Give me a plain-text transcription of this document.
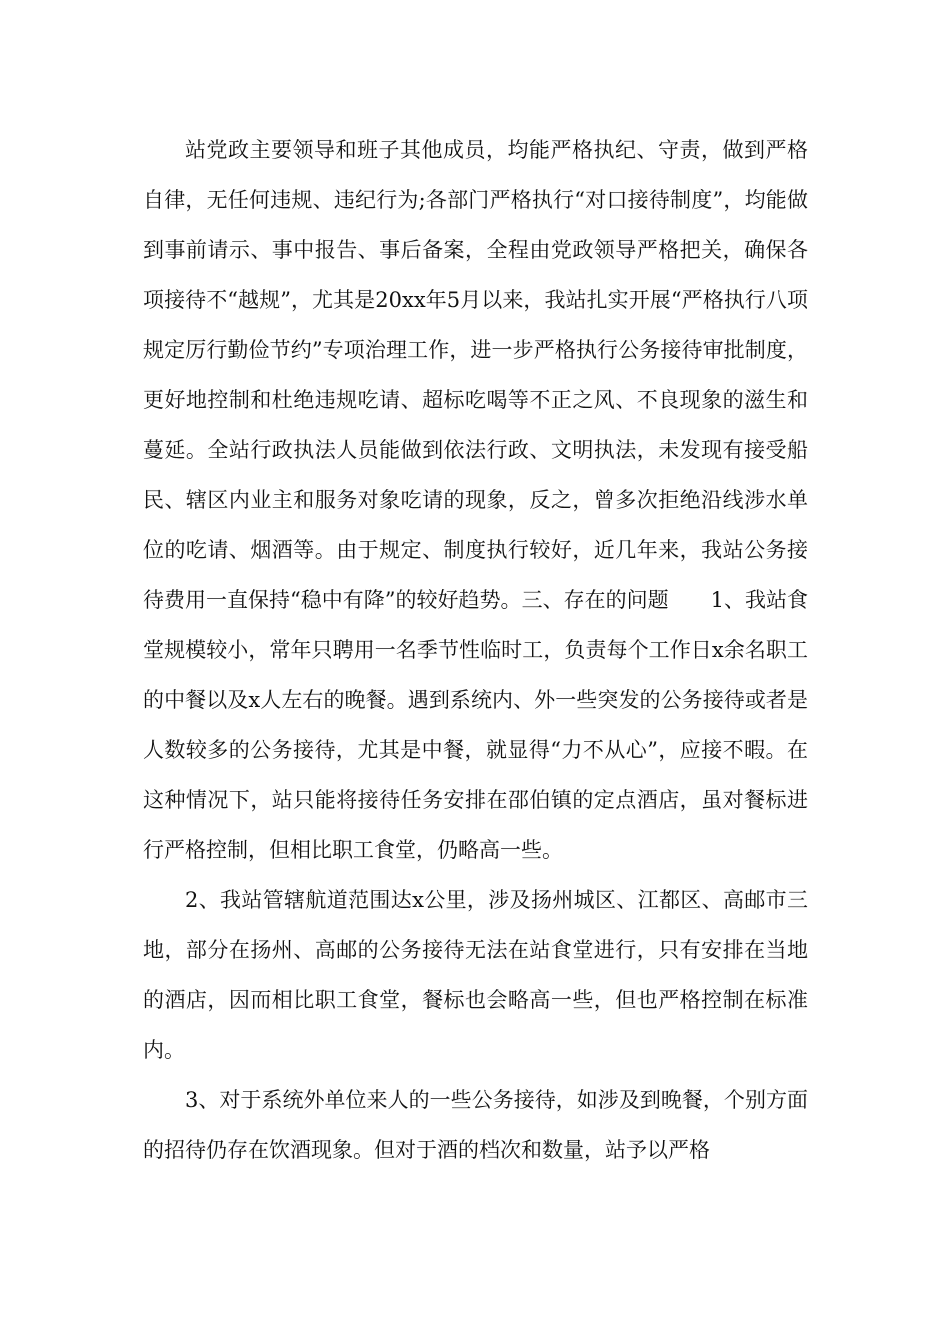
站党政主要领导和班子其他成员，均能严格执纪、守责，做到严格自律，无任何违规、违纪行为;各部门严格执行“对口接待制度”，均能做到事前请示、事中报告、事后备案，全程由党政领导严格把关，确保各项接待不“越规”，尤其是20xx年5月以来，我站扎实开展“严格执行八项规定厉行勤俭节约”专项治理工作，进一步严格执行公务接待审批制度，更好地控制和杜绝违规吃请、超标吃喝等不正之风、不良现象的滋生和蔓延。全站行政执法人员能做到依法行政、文明执法，未发现有接受船民、辖区内业主和服务对象吃请的现象，反之，曾多次拒绝沿线涉水单位的吃请、烟酒等。由于规定、制度执行较好，近几年来，我站公务接待费用一直保持“稳中有降”的较好趋势。三、存在的问题　　1、我站食堂规模较小，常年只聘用一名季节性临时工，负责每个工作日x余名职工的中餐以及x人左右的晚餐。遇到系统内、外一些突发的公务接待或者是人数较多的公务接待，尤其是中餐，就显得“力不从心”，应接不暇。在这种情况下，站只能将接待任务安排在邵伯镇的定点酒店，虽对餐标进行严格控制，但相比职工食堂，仍略高一些。

2、我站管辖航道范围达x公里，涉及扬州城区、江都区、高邮市三地，部分在扬州、高邮的公务接待无法在站食堂进行，只有安排在当地的酒店，因而相比职工食堂，餐标也会略高一些，但也严格控制在标准内。

3、对于系统外单位来人的一些公务接待，如涉及到晚餐，个别方面的招待仍存在饮酒现象。但对于酒的档次和数量，站予以严格
